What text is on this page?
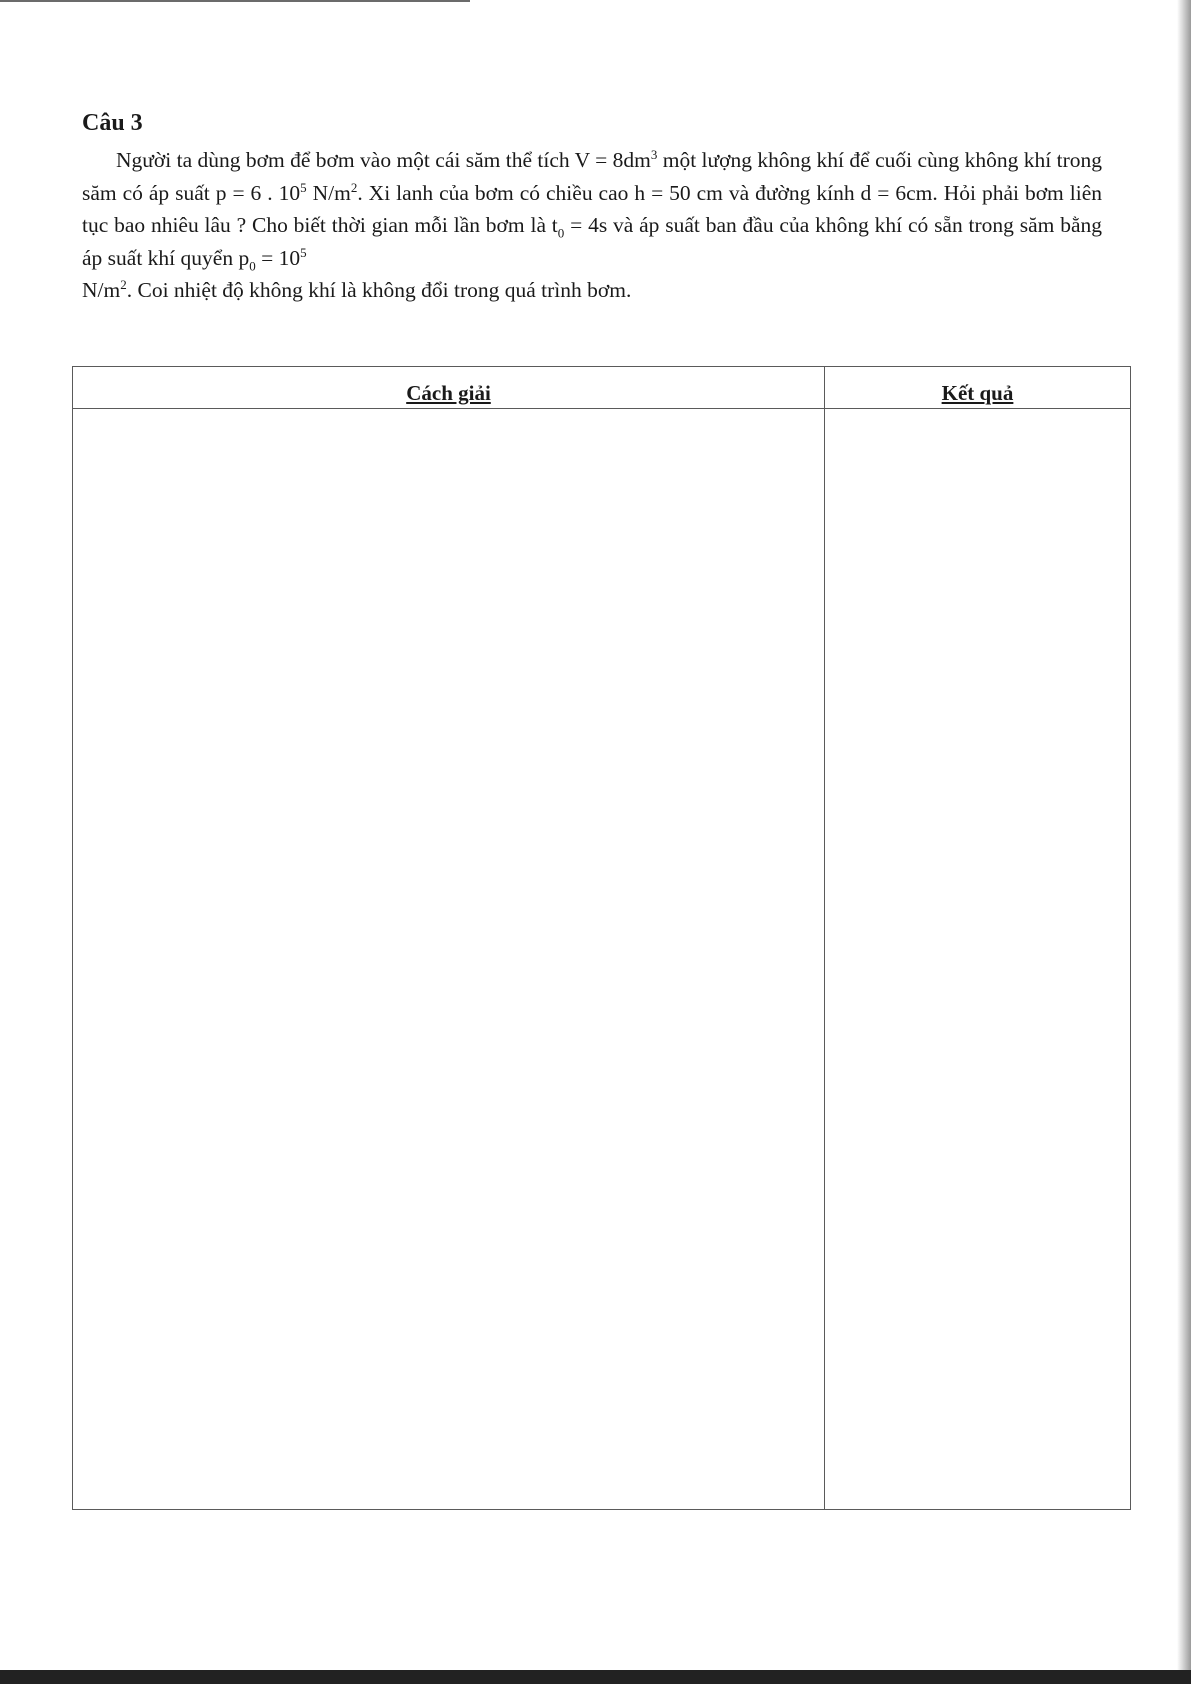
Câu 3

Người ta dùng bơm để bơm vào một cái săm thể tích $V = 8dm^3$ một lượng không khí để cuối cùng không khí trong săm có áp suất p = 6 . $10^5$ $N/m^2$. Xi lanh của bơm có chiều cao h = 50 cm và đường kính d = 6cm. Hỏi phải bơm liên tục bao nhiêu lâu ? Cho biết thời gian mỗi lần bơm là $t_0 = 4s$ và áp suất ban đầu của không khí có sẵn trong săm bằng áp suất khí quyển $p_0 = 10^5$
$N/m^2$. Coi nhiệt độ không khí là không đổi trong quá trình bơm.

Cách giải	Kết quả
